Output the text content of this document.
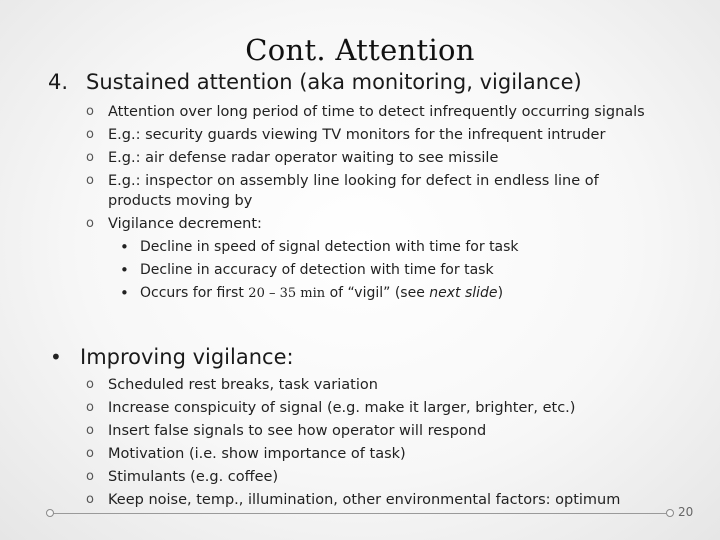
Cont. Attention
4. Sustained attention (aka monitoring, vigilance)
o Attention over long period of time to detect infrequently occurring signals
o E.g.: security guards viewing TV monitors for the infrequent intruder
o E.g.: air defense radar operator waiting to see missile
o E.g.: inspector on assembly line looking for defect in endless line of
products moving by
o Vigilance decrement:
• Decline in speed of signal detection with time for task
• Decline in accuracy of detection with time for task
• Occurs for first 20 – 35 min of “vigil” (see next slide)
• Improving vigilance:
o Scheduled rest breaks, task variation
o Increase conspicuity of signal (e.g. make it larger, brighter, etc.)
o Insert false signals to see how operator will respond
o Motivation (i.e. show importance of task)
o Stimulants (e.g. coffee)
o Keep noise, temp., illumination, other environmental factors: optimum
20
